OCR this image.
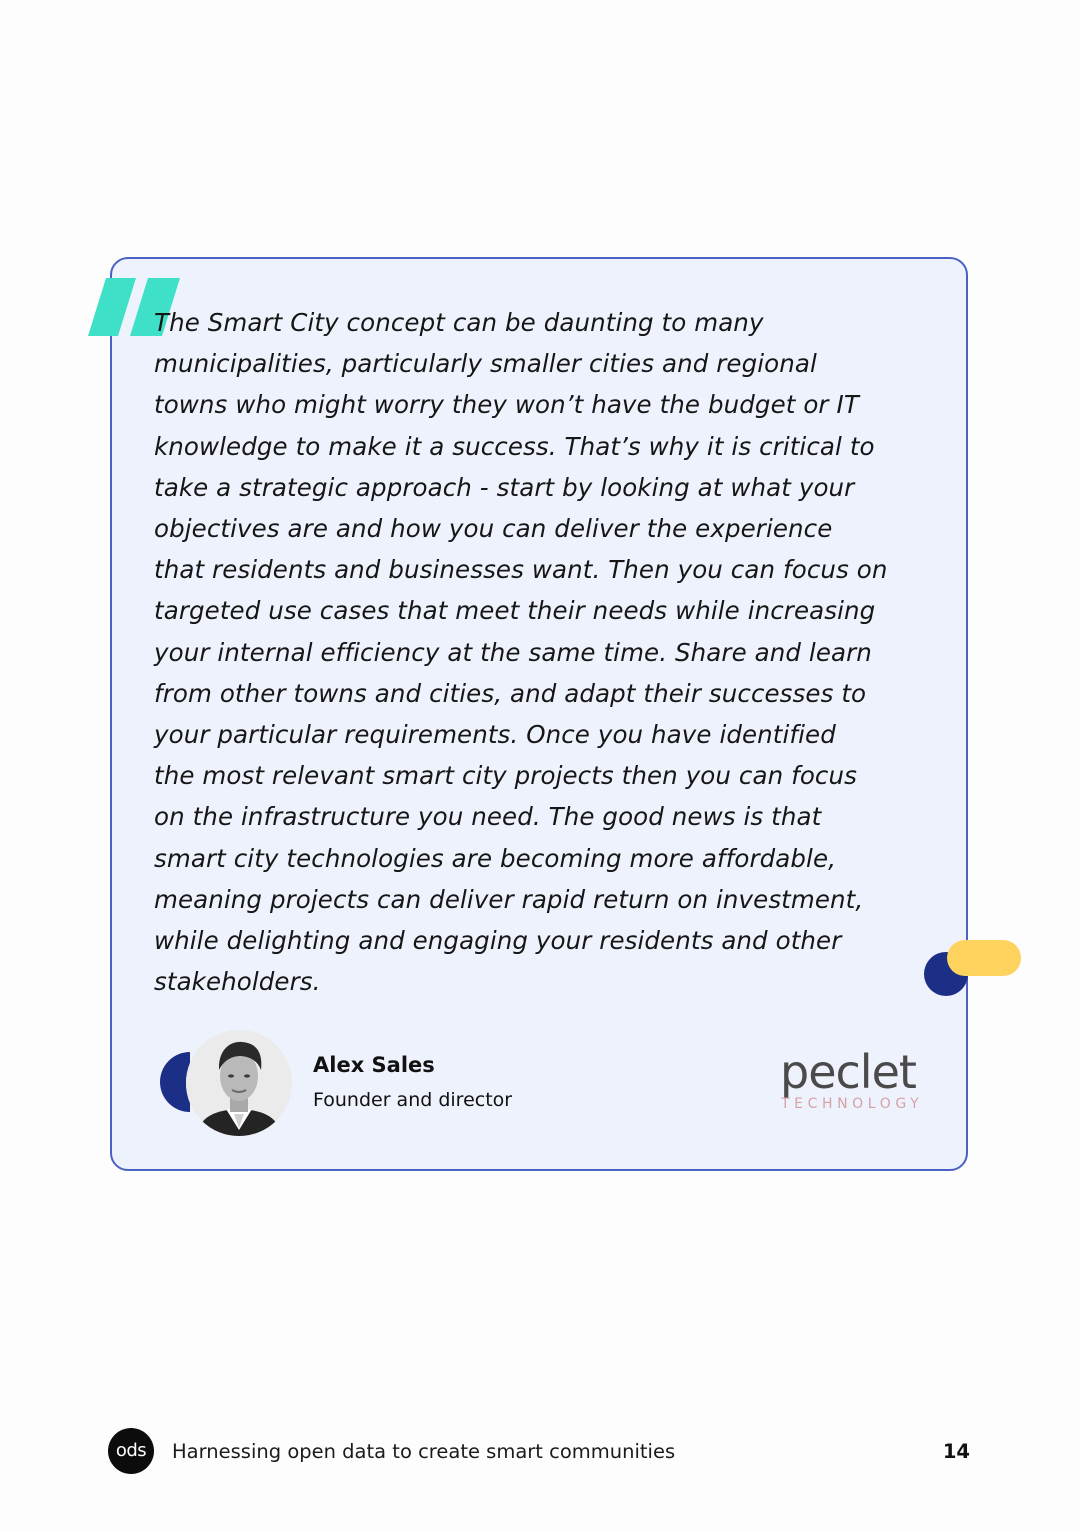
The Smart City concept can be daunting to many
municipalities, particularly smaller cities and regional
towns who might worry they won’t have the budget or IT
knowledge to make it a success. That’s why it is critical to
take a strategic approach - start by looking at what your
objectives are and how you can deliver the experience
that residents and businesses want. Then you can focus on
targeted use cases that meet their needs while increasing
your internal efficiency at the same time. Share and learn
from other towns and cities, and adapt their successes to
your particular requirements. Once you have identified
the most relevant smart city projects then you can focus
on the infrastructure you need. The good news is that
smart city technologies are becoming more affordable,
meaning projects can deliver rapid return on investment,
while delighting and engaging your residents and other
stakeholders.
Alex Sales
Founder and director
peclet
TECHNOLOGY
ods	Harnessing open data to create smart communities	14
